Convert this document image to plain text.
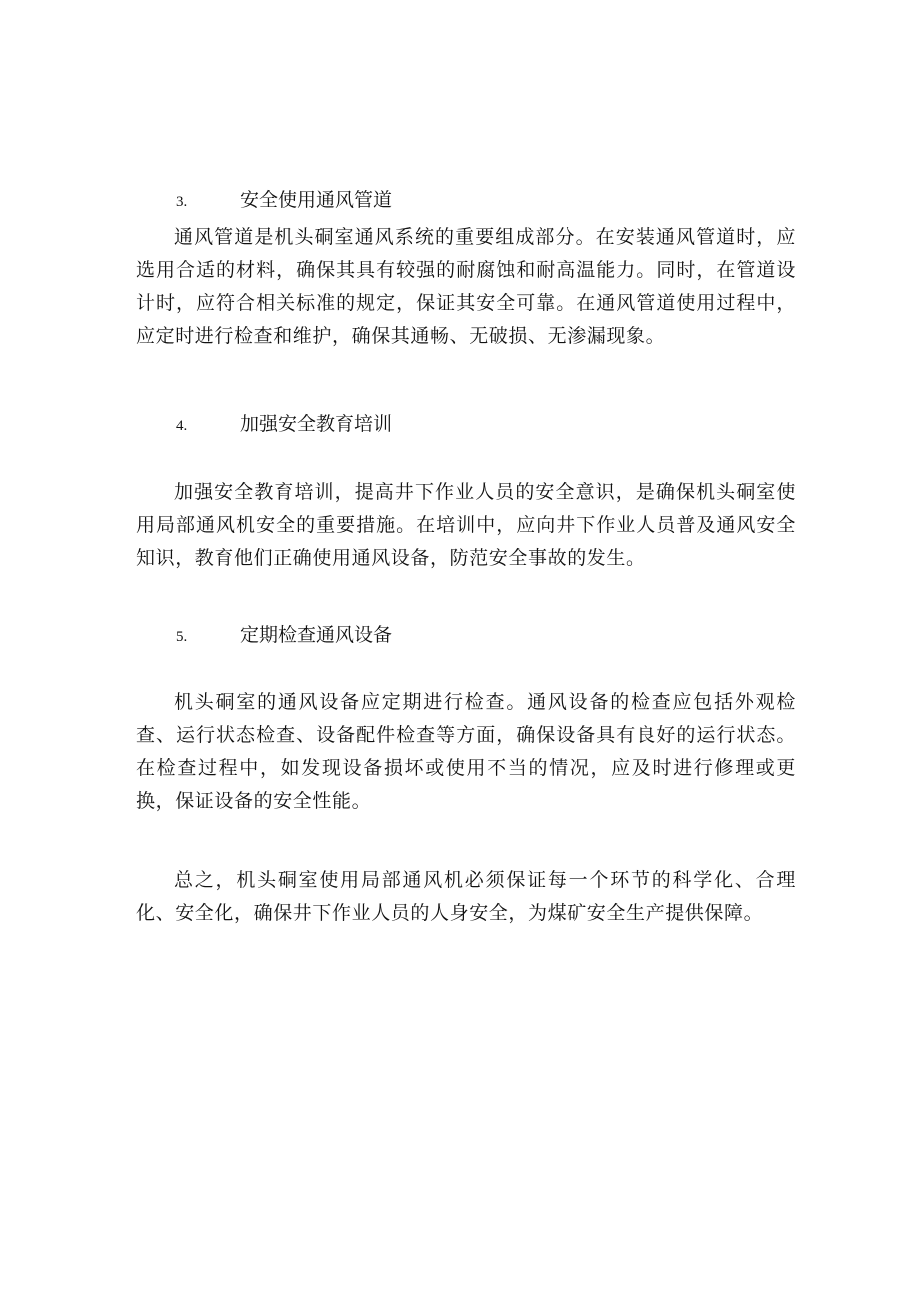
3.	安全使用通风管道

通风管道是机头硐室通风系统的重要组成部分。在安装通风管道时，应选用合适的材料，确保其具有较强的耐腐蚀和耐高温能力。同时，在管道设计时，应符合相关标准的规定，保证其安全可靠。在通风管道使用过程中，应定时进行检查和维护，确保其通畅、无破损、无渗漏现象。

4.	加强安全教育培训

加强安全教育培训，提高井下作业人员的安全意识，是确保机头硐室使用局部通风机安全的重要措施。在培训中，应向井下作业人员普及通风安全知识，教育他们正确使用通风设备，防范安全事故的发生。

5.	定期检查通风设备

机头硐室的通风设备应定期进行检查。通风设备的检查应包括外观检查、运行状态检查、设备配件检查等方面，确保设备具有良好的运行状态。在检查过程中，如发现设备损坏或使用不当的情况，应及时进行修理或更换，保证设备的安全性能。

总之，机头硐室使用局部通风机必须保证每一个环节的科学化、合理化、安全化，确保井下作业人员的人身安全，为煤矿安全生产提供保障。
